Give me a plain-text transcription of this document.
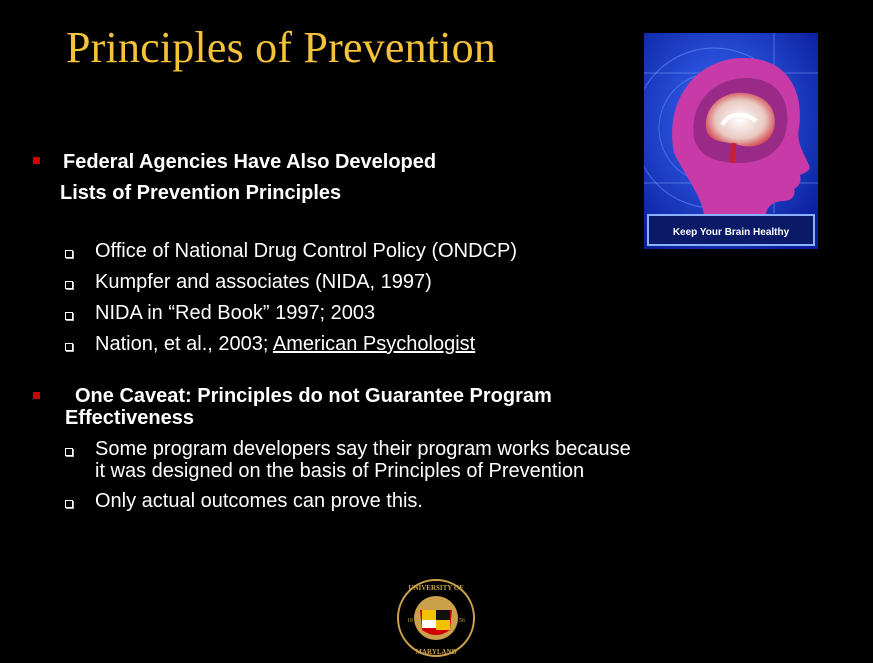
Principles of Prevention
Federal Agencies Have Also Developed
Lists of Prevention Principles
Office of National Drug Control Policy (ONDCP)
Kumpfer and associates (NIDA, 1997)
NIDA in “Red Book” 1997; 2003
Nation, et al., 2003; American Psychologist
One Caveat: Principles do not Guarantee Program
Effectiveness
Some program developers say their program works because
it was designed on the basis of Principles of Prevention
Only actual outcomes can prove this.
Keep Your Brain Healthy
UNIVERSITY OF
MARYLAND
18	56
